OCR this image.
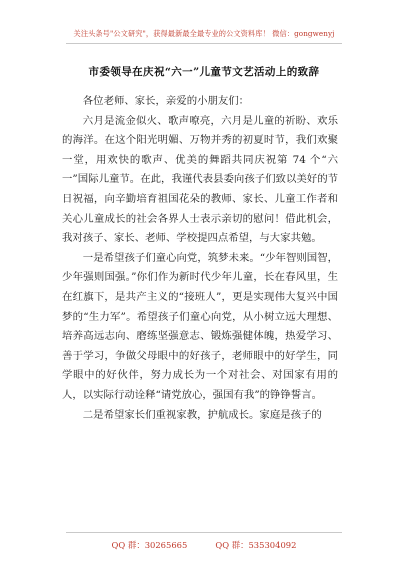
关注头条号"公文研究"，获得最新最全最专业的公文资料库！ 微信：gongwenyj
市委领导在庆祝“六一”儿童节文艺活动上的致辞

各位老师、家长，亲爱的小朋友们：

六月是流金似火、歌声嘹亮，六月是儿童的祈盼、欢乐的海洋。在这个阳光明媚、万物并秀的初夏时节，我们欢聚一堂，用欢快的歌声、优美的舞蹈共同庆祝第 74 个“六一”国际儿童节。在此，我谨代表县委向孩子们致以美好的节日祝福，向辛勤培育祖国花朵的教师、家长、儿童工作者和关心儿童成长的社会各界人士表示亲切的慰问！借此机会，我对孩子、家长、老师、学校提四点希望，与大家共勉。

一是希望孩子们童心向党，筑梦未来。“少年智则国智，少年强则国强。”你们作为新时代少年儿童，长在春风里，生在红旗下，是共产主义的“接班人”，更是实现伟大复兴中国梦的“生力军”。希望孩子们童心向党，从小树立远大理想、培养高远志向、磨练坚强意志、锻炼强健体魄，热爱学习、善于学习，争做父母眼中的好孩子，老师眼中的好学生，同学眼中的好伙伴，努力成长为一个对社会、对国家有用的人，以实际行动诠释“请党放心，强国有我”的铮铮誓言。

二是希望家长们重视家教，护航成长。家庭是孩子的

QQ 群：30265665	QQ 群：535304092
